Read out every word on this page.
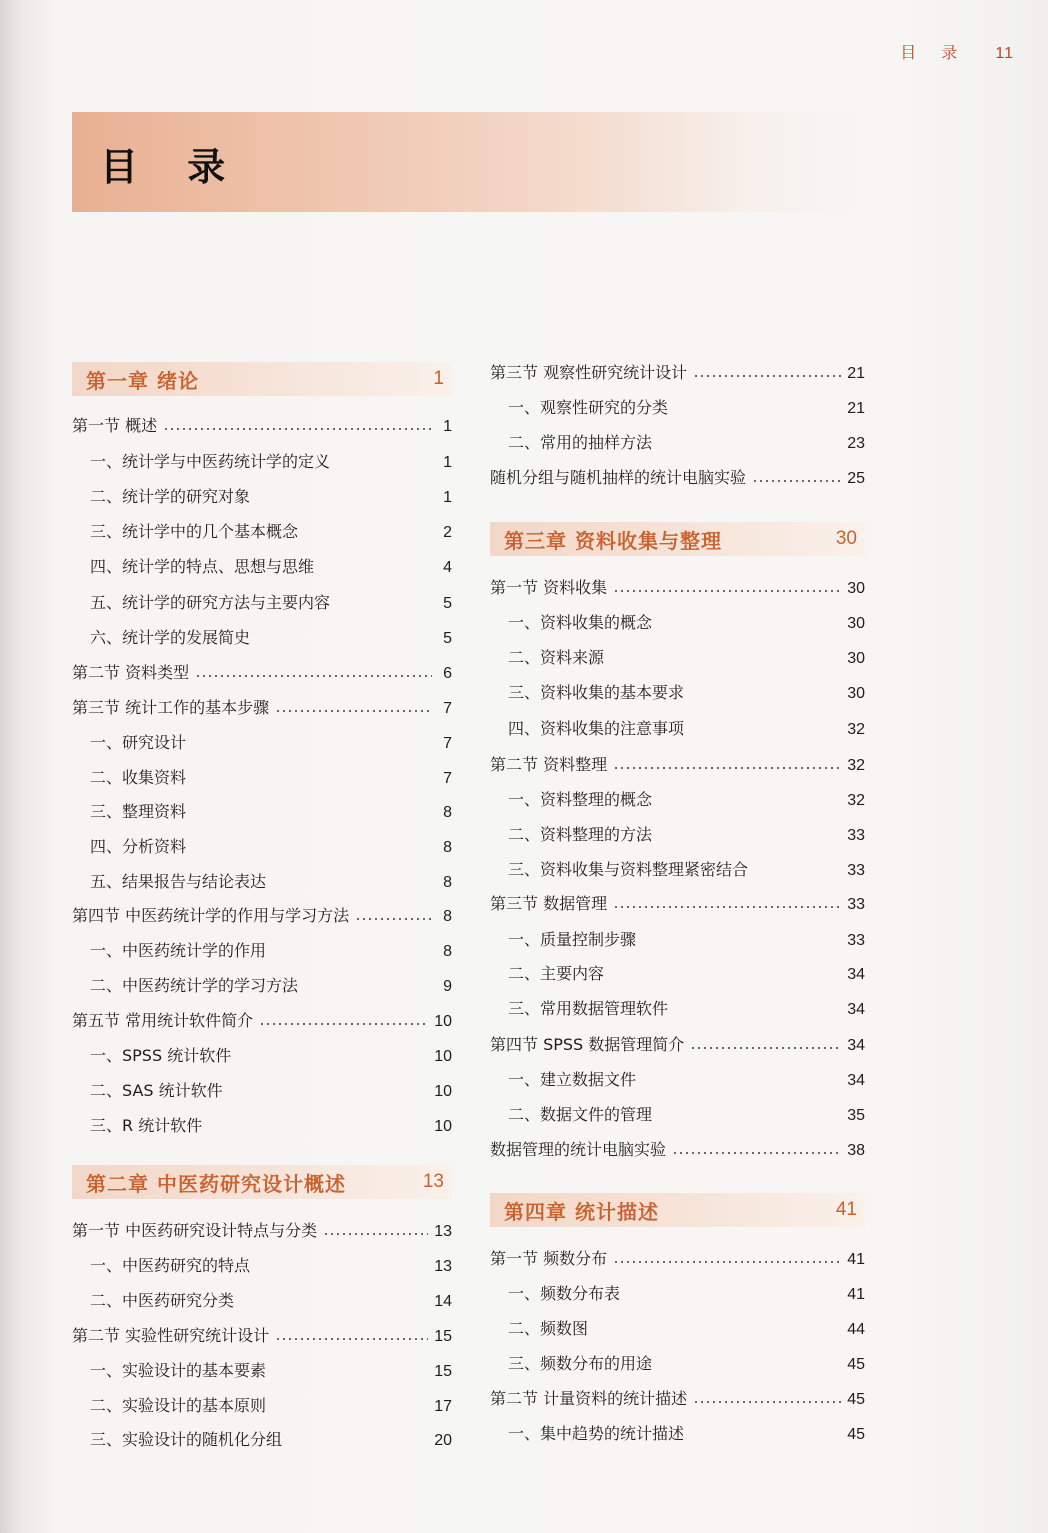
目 录 11
目 录
第一章 绪论	1
第一节 概述	1
一、统计学与中医药统计学的定义	1
二、统计学的研究对象	1
三、统计学中的几个基本概念	2
四、统计学的特点、思想与思维	4
五、统计学的研究方法与主要内容	5
六、统计学的发展简史	5
第二节 资料类型	6
第三节 统计工作的基本步骤	7
一、研究设计	7
二、收集资料	7
三、整理资料	8
四、分析资料	8
五、结果报告与结论表达	8
第四节 中医药统计学的作用与学习方法	8
一、中医药统计学的作用	8
二、中医药统计学的学习方法	9
第五节 常用统计软件简介	10
一、SPSS 统计软件	10
二、SAS 统计软件	10
三、R 统计软件	10
第二章 中医药研究设计概述	13
第一节 中医药研究设计特点与分类	13
一、中医药研究的特点	13
二、中医药研究分类	14
第二节 实验性研究统计设计	15
一、实验设计的基本要素	15
二、实验设计的基本原则	17
三、实验设计的随机化分组	20
第三节 观察性研究统计设计	21
一、观察性研究的分类	21
二、常用的抽样方法	23
随机分组与随机抽样的统计电脑实验	25
第三章 资料收集与整理	30
第一节 资料收集	30
一、资料收集的概念	30
二、资料来源	30
三、资料收集的基本要求	30
四、资料收集的注意事项	32
第二节 资料整理	32
一、资料整理的概念	32
二、资料整理的方法	33
三、资料收集与资料整理紧密结合	33
第三节 数据管理	33
一、质量控制步骤	33
二、主要内容	34
三、常用数据管理软件	34
第四节 SPSS 数据管理简介	34
一、建立数据文件	34
二、数据文件的管理	35
数据管理的统计电脑实验	38
第四章 统计描述	41
第一节 频数分布	41
一、频数分布表	41
二、频数图	44
三、频数分布的用途	45
第二节 计量资料的统计描述	45
一、集中趋势的统计描述	45
